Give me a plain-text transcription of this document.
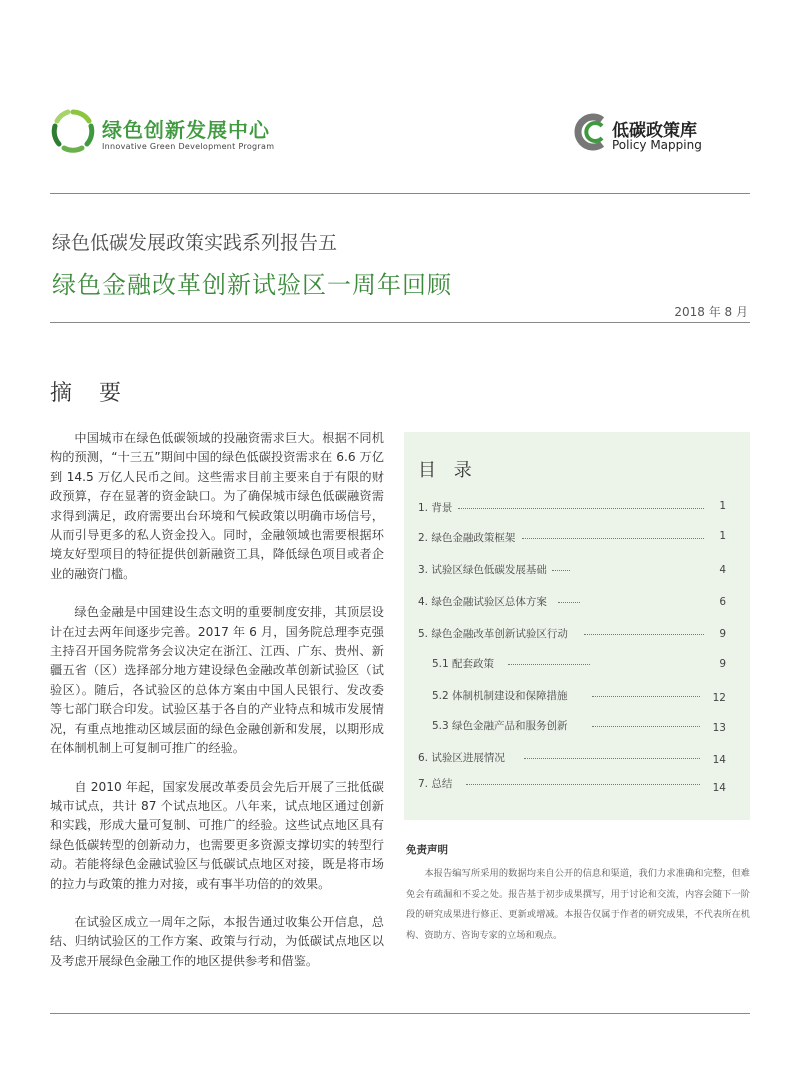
绿色创新发展中心
Innovative Green Development Program
低碳政策库
Policy Mapping
绿色低碳发展政策实践系列报告五
绿色金融改革创新试验区一周年回顾
2018 年 8 月
摘 要

中国城市在绿色低碳领域的投融资需求巨大。根据不同机构的预测，“十三五”期间中国的绿色低碳投资需求在 6.6 万亿到 14.5 万亿人民币之间。这些需求目前主要来自于有限的财政预算，存在显著的资金缺口。为了确保城市绿色低碳融资需求得到满足，政府需要出台环境和气候政策以明确市场信号，从而引导更多的私人资金投入。同时，金融领域也需要根据环境友好型项目的特征提供创新融资工具，降低绿色项目或者企业的融资门槛。

绿色金融是中国建设生态文明的重要制度安排，其顶层设计在过去两年间逐步完善。2017 年 6 月，国务院总理李克强主持召开国务院常务会议决定在浙江、江西、广东、贵州、新疆五省（区）选择部分地方建设绿色金融改革创新试验区（试验区）。随后，各试验区的总体方案由中国人民银行、发改委等七部门联合印发。试验区基于各自的产业特点和城市发展情况，有重点地推动区域层面的绿色金融创新和发展，以期形成在体制机制上可复制可推广的经验。

自 2010 年起，国家发展改革委员会先后开展了三批低碳城市试点，共计 87 个试点地区。八年来，试点地区通过创新和实践，形成大量可复制、可推广的经验。这些试点地区具有绿色低碳转型的创新动力，也需要更多资源支撑切实的转型行动。若能将绿色金融试验区与低碳试点地区对接，既是将市场的拉力与政策的推力对接，或有事半功倍的的效果。

在试验区成立一周年之际，本报告通过收集公开信息，总结、归纳试验区的工作方案、政策与行动，为低碳试点地区以及考虑开展绿色金融工作的地区提供参考和借鉴。

目 录
1. 背景	1
2. 绿色金融政策框架	1
3. 试验区绿色低碳发展基础	4
4. 绿色金融试验区总体方案	6
5. 绿色金融改革创新试验区行动	9
5.1 配套政策	9
5.2 体制机制建设和保障措施	12
5.3 绿色金融产品和服务创新	13
6. 试验区进展情况	14
7. 总结	14
免责声明
本报告编写所采用的数据均来自公开的信息和渠道，我们力求准确和完整，但难免会有疏漏和不妥之处。报告基于初步成果撰写，用于讨论和交流，内容会随下一阶段的研究成果进行修正、更新或增减。本报告仅属于作者的研究成果，不代表所在机构、资助方、咨询专家的立场和观点。
